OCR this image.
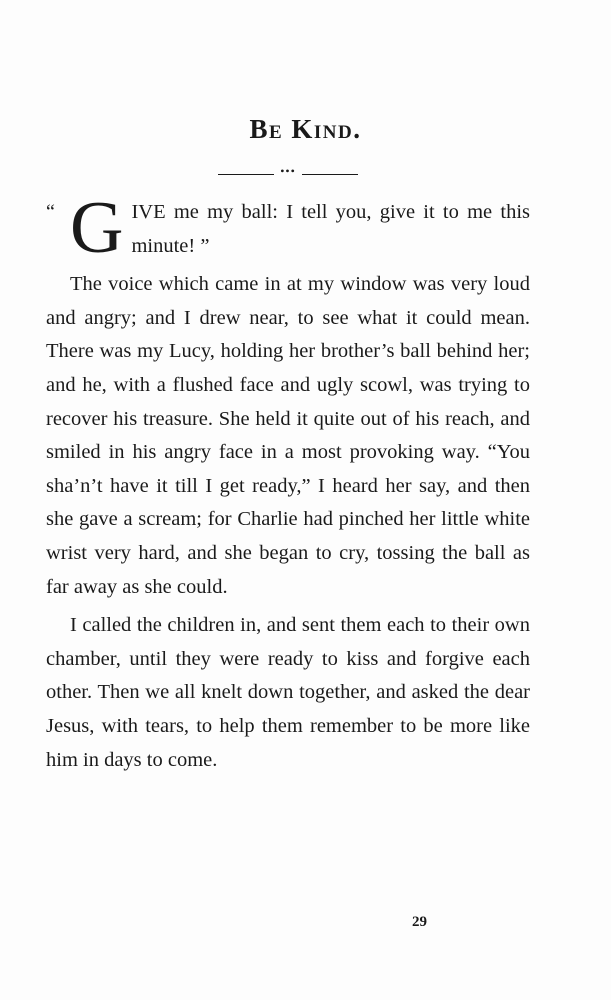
Be Kind.
•••

“ G IVE me my ball: I tell you, give it to me this minute! ”

The voice which came in at my window was very loud and angry; and I drew near, to see what it could mean. There was my Lucy, holding her brother’s ball behind her; and he, with a flushed face and ugly scowl, was trying to recover his treasure. She held it quite out of his reach, and smiled in his angry face in a most provoking way. “You sha’n’t have it till I get ready,” I heard her say, and then she gave a scream; for Charlie had pinched her little white wrist very hard, and she began to cry, tossing the ball as far away as she could.

I called the children in, and sent them each to their own chamber, until they were ready to kiss and forgive each other. Then we all knelt down together, and asked the dear Jesus, with tears, to help them remember to be more like him in days to come.

29
